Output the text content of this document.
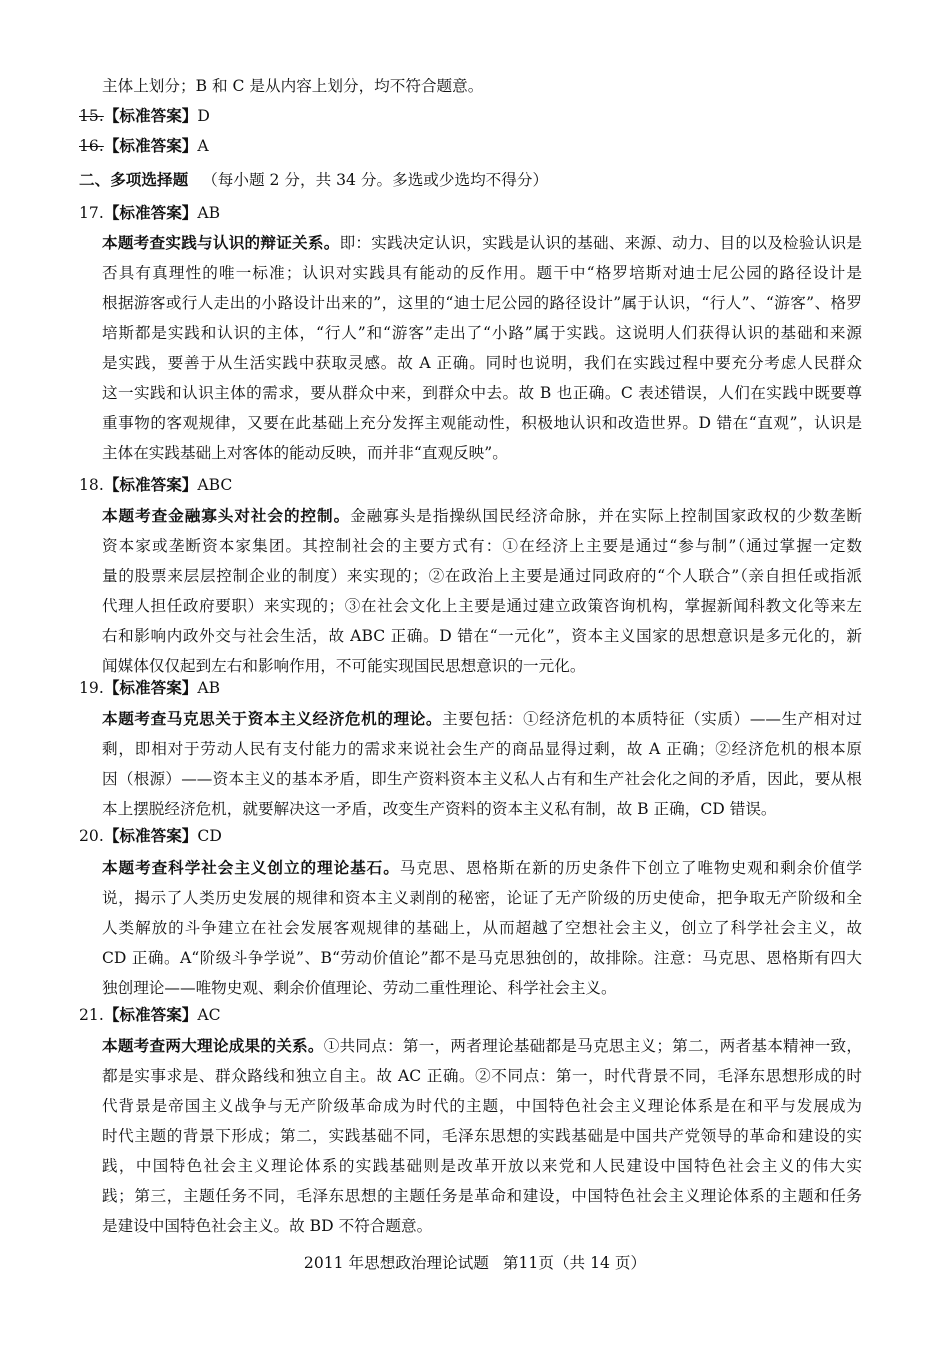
主体上划分；B 和 C 是从内容上划分，均不符合题意。
15.【标准答案】D
16.【标准答案】A
二、多项选择题 （每小题 2 分，共 34 分。多选或少选均不得分）
17.【标准答案】AB
本题考查实践与认识的辩证关系。即：实践决定认识，实践是认识的基础、来源、动力、目的以及检验认识是
否具有真理性的唯一标准；认识对实践具有能动的反作用。题干中“格罗培斯对迪士尼公园的路径设计是
根据游客或行人走出的小路设计出来的”，这里的“迪士尼公园的路径设计”属于认识，“行人”、“游客”、格罗
培斯都是实践和认识的主体，“行人”和“游客”走出了“小路”属于实践。这说明人们获得认识的基础和来源
是实践，要善于从生活实践中获取灵感。故 A 正确。同时也说明，我们在实践过程中要充分考虑人民群众
这一实践和认识主体的需求，要从群众中来，到群众中去。故 B 也正确。C 表述错误，人们在实践中既要尊
重事物的客观规律，又要在此基础上充分发挥主观能动性，积极地认识和改造世界。D 错在“直观”，认识是
主体在实践基础上对客体的能动反映，而并非“直观反映”。
18.【标准答案】ABC
本题考查金融寡头对社会的控制。金融寡头是指操纵国民经济命脉，并在实际上控制国家政权的少数垄断
资本家或垄断资本家集团。其控制社会的主要方式有：①在经济上主要是通过“参与制”（通过掌握一定数
量的股票来层层控制企业的制度）来实现的；②在政治上主要是通过同政府的“个人联合”（亲自担任或指派
代理人担任政府要职）来实现的；③在社会文化上主要是通过建立政策咨询机构，掌握新闻科教文化等来左
右和影响内政外交与社会生活，故 ABC 正确。D 错在“一元化”，资本主义国家的思想意识是多元化的，新
闻媒体仅仅起到左右和影响作用，不可能实现国民思想意识的一元化。
19.【标准答案】AB
本题考查马克思关于资本主义经济危机的理论。主要包括：①经济危机的本质特征（实质）——生产相对过
剩，即相对于劳动人民有支付能力的需求来说社会生产的商品显得过剩，故 A 正确；②经济危机的根本原
因（根源）——资本主义的基本矛盾，即生产资料资本主义私人占有和生产社会化之间的矛盾，因此，要从根
本上摆脱经济危机，就要解决这一矛盾，改变生产资料的资本主义私有制，故 B 正确，CD 错误。
20.【标准答案】CD
本题考查科学社会主义创立的理论基石。马克思、恩格斯在新的历史条件下创立了唯物史观和剩余价值学
说，揭示了人类历史发展的规律和资本主义剥削的秘密，论证了无产阶级的历史使命，把争取无产阶级和全
人类解放的斗争建立在社会发展客观规律的基础上，从而超越了空想社会主义，创立了科学社会主义，故
CD 正确。A“阶级斗争学说”、B“劳动价值论”都不是马克思独创的，故排除。注意：马克思、恩格斯有四大
独创理论——唯物史观、剩余价值理论、劳动二重性理论、科学社会主义。
21.【标准答案】AC
本题考查两大理论成果的关系。①共同点：第一，两者理论基础都是马克思主义；第二，两者基本精神一致，
都是实事求是、群众路线和独立自主。故 AC 正确。②不同点：第一，时代背景不同，毛泽东思想形成的时
代背景是帝国主义战争与无产阶级革命成为时代的主题，中国特色社会主义理论体系是在和平与发展成为
时代主题的背景下形成；第二，实践基础不同，毛泽东思想的实践基础是中国共产党领导的革命和建设的实
践，中国特色社会主义理论体系的实践基础则是改革开放以来党和人民建设中国特色社会主义的伟大实
践；第三，主题任务不同，毛泽东思想的主题任务是革命和建设，中国特色社会主义理论体系的主题和任务
是建设中国特色社会主义。故 BD 不符合题意。
2011 年思想政治理论试题 第11页（共 14 页）
